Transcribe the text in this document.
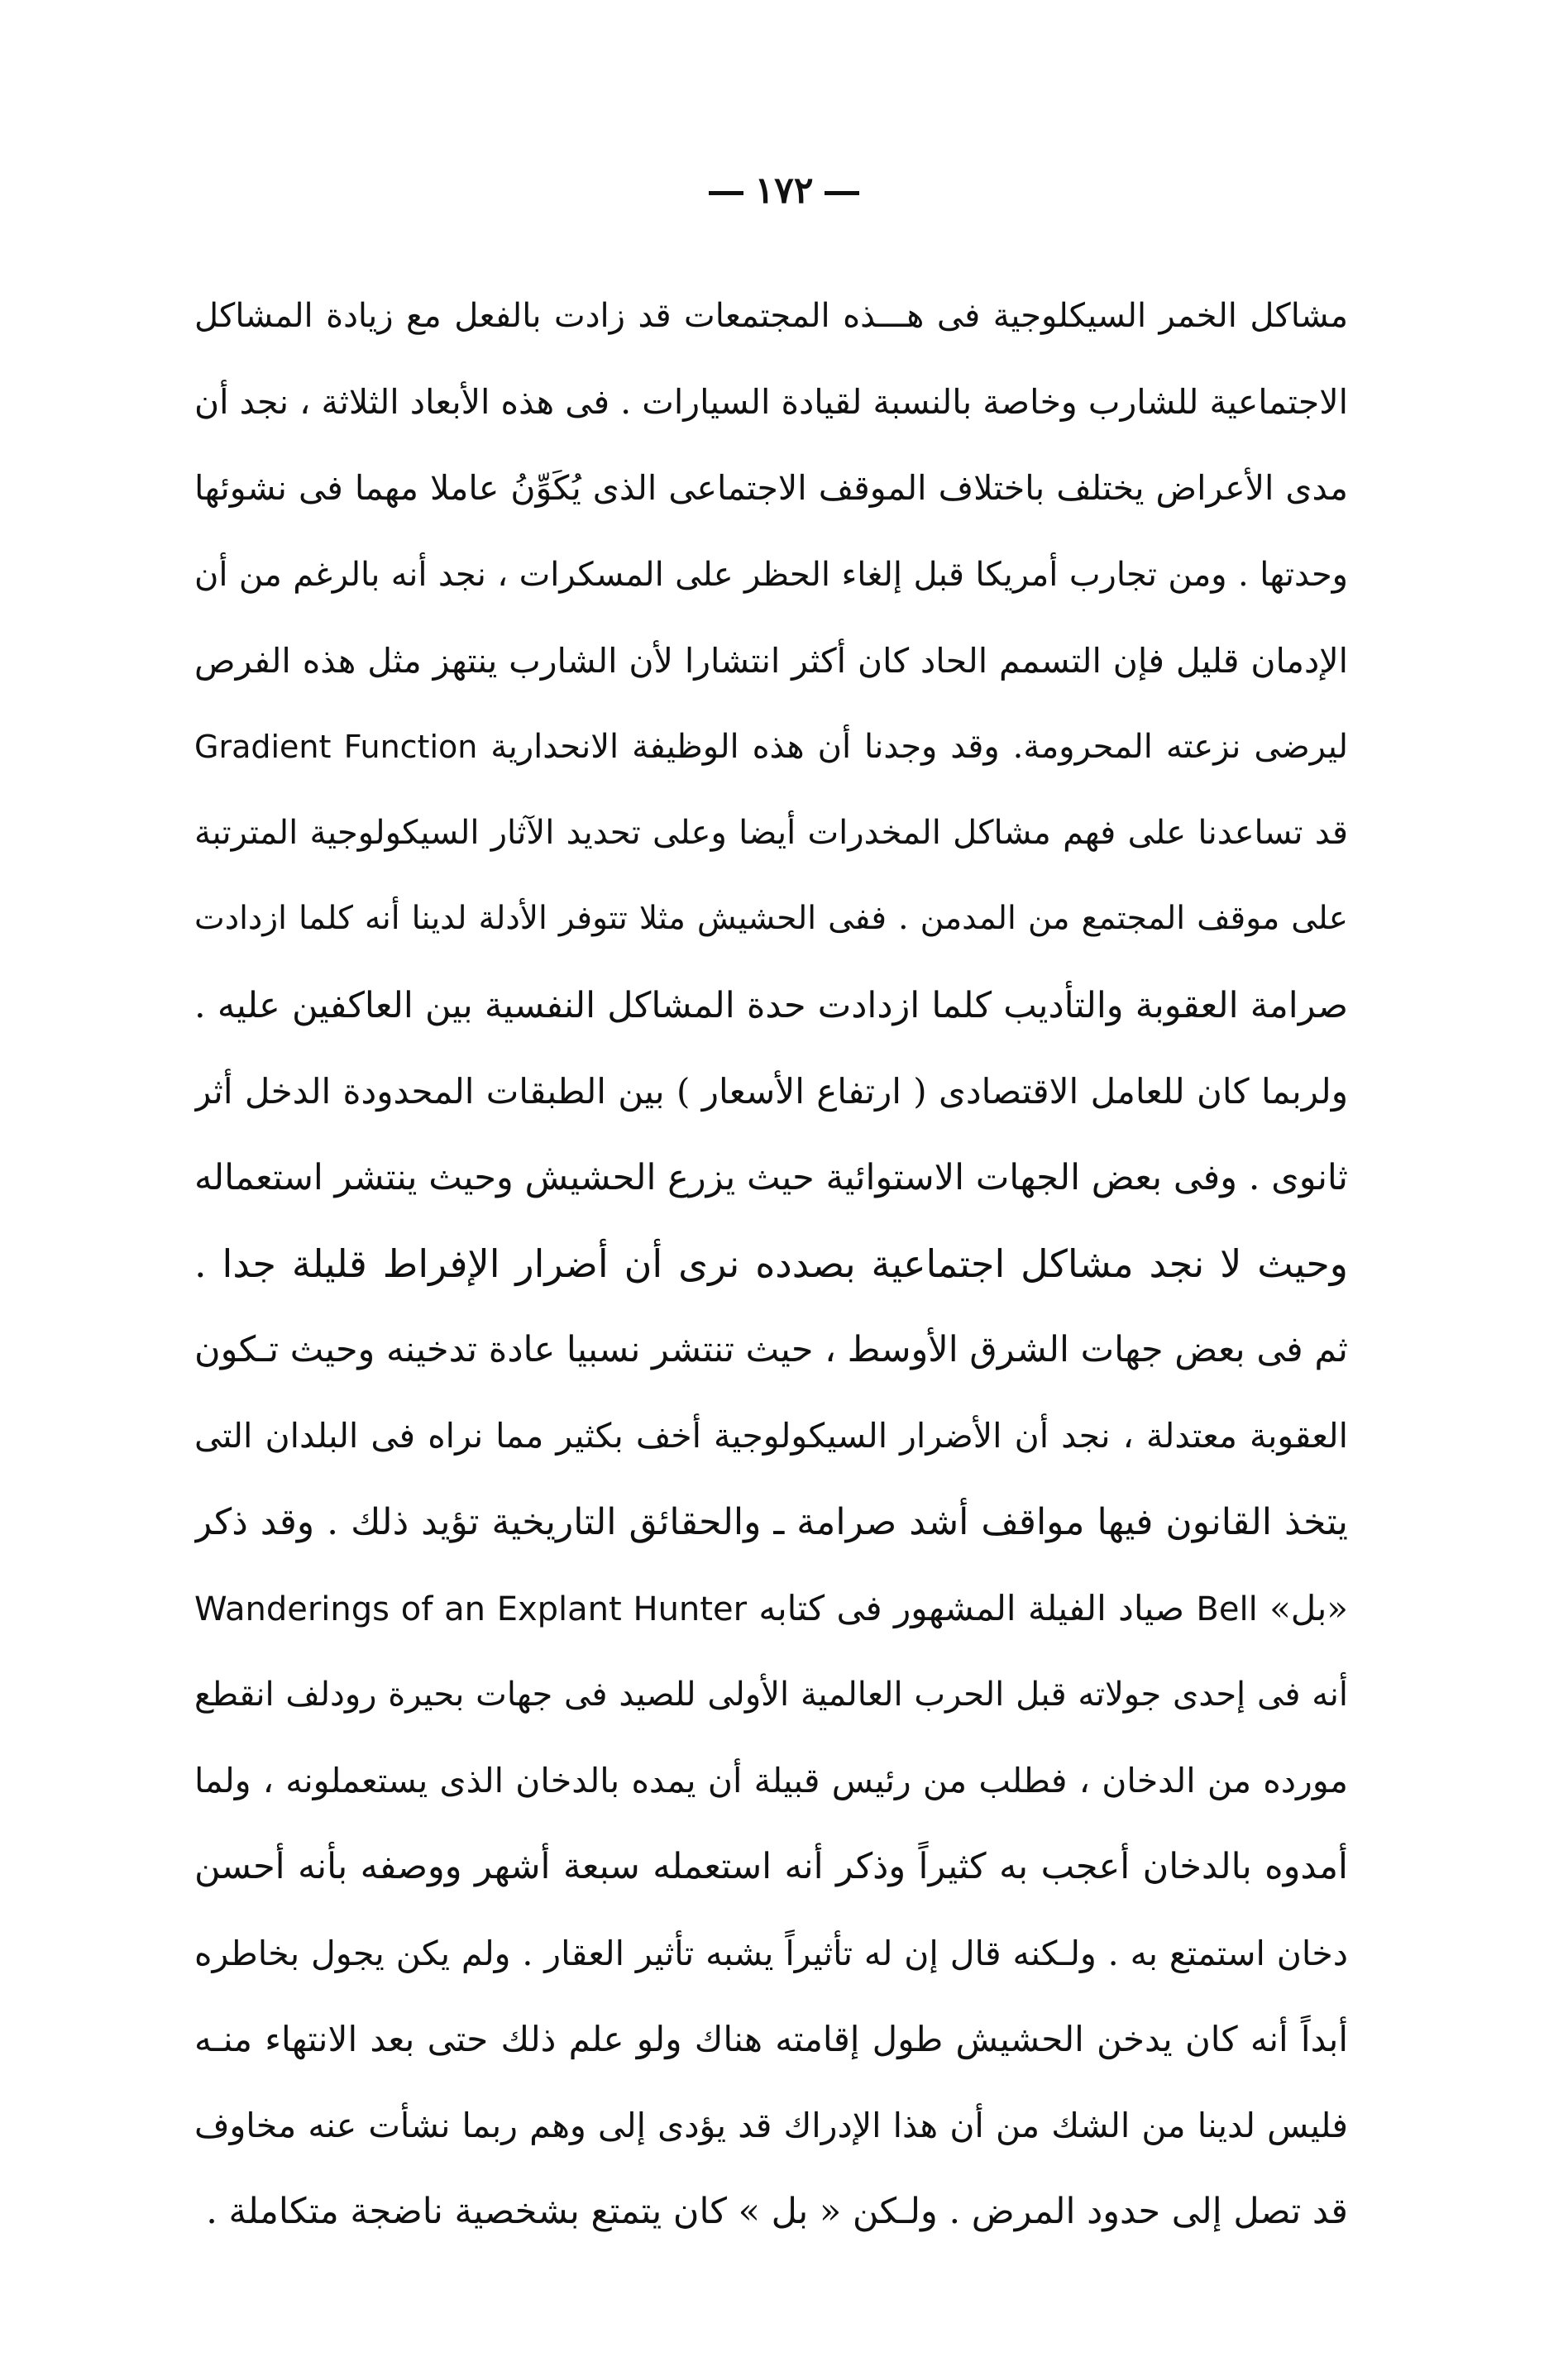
١٧٢
مشاكل الخمر السيكلوجية فى هـــذه المجتمعات قد زادت بالفعل مع زيادة المشاكل
الاجتماعية للشارب وخاصة بالنسبة لقيادة السيارات . فى هذه الأبعاد الثلاثة ، نجد أن
مدى الأعراض يختلف باختلاف الموقف الاجتماعى الذى يُكَوِّنُ عاملا مهما فى نشوئها
وحدتها . ومن تجارب أمريكا قبل إلغاء الحظر على المسكرات ، نجد أنه بالرغم من أن
الإدمان قليل فإن التسمم الحاد كان أكثر انتشارا لأن الشارب ينتهز مثل هذه الفرص
ليرضى نزعته المحرومة. وقد وجدنا أن هذه الوظيفة الانحدارية Gradient Function
قد تساعدنا على فهم مشاكل المخدرات أيضا وعلى تحديد الآثار السيكولوجية المترتبة
على موقف المجتمع من المدمن . ففى الحشيش مثلا تتوفر الأدلة لدينا أنه كلما ازدادت
صرامة العقوبة والتأديب كلما ازدادت حدة المشاكل النفسية بين العاكفين عليه .
ولربما كان للعامل الاقتصادى ( ارتفاع الأسعار ) بين الطبقات المحدودة الدخل أثر
ثانوى . وفى بعض الجهات الاستوائية حيث يزرع الحشيش وحيث ينتشر استعماله
وحيث لا نجد مشاكل اجتماعية بصدده نرى أن أضرار الإفراط قليلة جدا .
ثم فى بعض جهات الشرق الأوسط ، حيث تنتشر نسبيا عادة تدخينه وحيث تـكون
العقوبة معتدلة ، نجد أن الأضرار السيكولوجية أخف بكثير مما نراه فى البلدان التى
يتخذ القانون فيها مواقف أشد صرامة ـ والحقائق التاريخية تؤيد ذلك . وقد ذكر
«بل» Bell صياد الفيلة المشهور فى كتابه Wanderings of an Explant Hunter
أنه فى إحدى جولاته قبل الحرب العالمية الأولى للصيد فى جهات بحيرة رودلف انقطع
مورده من الدخان ، فطلب من رئيس قبيلة أن يمده بالدخان الذى يستعملونه ، ولما
أمدوه بالدخان أعجب به كثيراً وذكر أنه استعمله سبعة أشهر ووصفه بأنه أحسن
دخان استمتع به . ولـكنه قال إن له تأثيراً يشبه تأثير العقار . ولم يكن يجول بخاطره
أبداً أنه كان يدخن الحشيش طول إقامته هناك ولو علم ذلك حتى بعد الانتهاء منـه
فليس لدينا من الشك من أن هذا الإدراك قد يؤدى إلى وهم ربما نشأت عنه مخاوف
قد تصل إلى حدود المرض . ولـكن « بل » كان يتمتع بشخصية ناضجة متكاملة .
